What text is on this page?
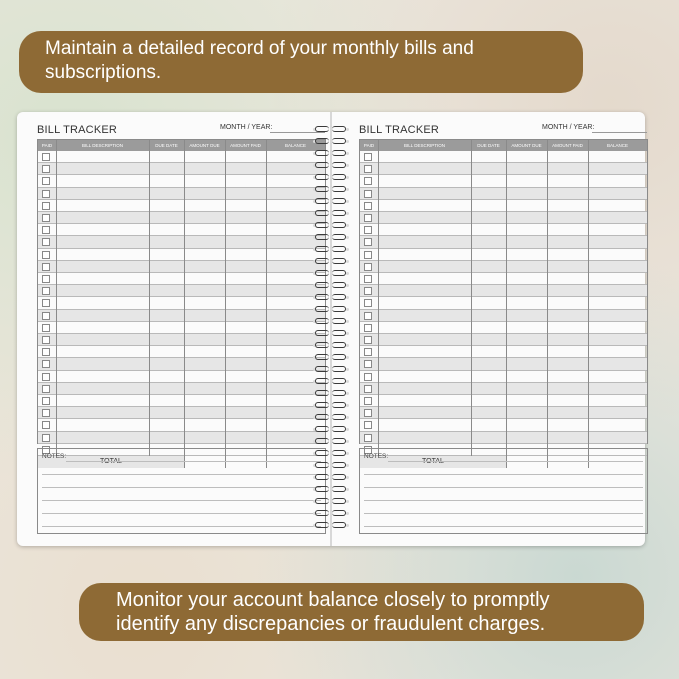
Maintain a detailed record of your monthly bills and
subscriptions.
BILL TRACKER	MONTH / YEAR:
PAID	BILL DESCRIPTION	DUE DATE	AMOUNT DUE	AMOUNT PAID	BALANCE
TOTAL
NOTES:
BILL TRACKER	MONTH / YEAR:
PAID	BILL DESCRIPTION	DUE DATE	AMOUNT DUE	AMOUNT PAID	BALANCE
TOTAL
NOTES:
Monitor your account balance closely to promptly
identify any discrepancies or fraudulent charges.
